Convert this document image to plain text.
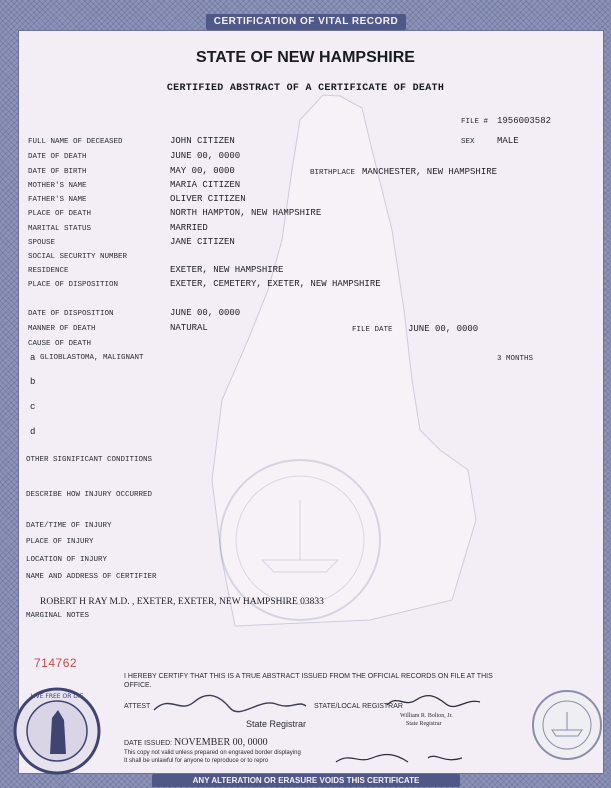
CERTIFICATION OF VITAL RECORD
STATE OF NEW HAMPSHIRE
CERTIFIED ABSTRACT OF A CERTIFICATE OF DEATH
FILE # 1956003582
SEX MALE
FULL NAME OF DECEASED	JOHN CITIZEN
DATE OF DEATH	JUNE 00, 0000
DATE OF BIRTH	MAY 00, 0000	BIRTHPLACE MANCHESTER, NEW HAMPSHIRE
MOTHER'S NAME	MARIA CITIZEN
FATHER'S NAME	OLIVER CITIZEN
PLACE OF DEATH	NORTH HAMPTON, NEW HAMPSHIRE
MARITAL STATUS	MARRIED
SPOUSE	JANE CITIZEN
SOCIAL SECURITY NUMBER
RESIDENCE	EXETER, NEW HAMPSHIRE
PLACE OF DISPOSITION	EXETER, CEMETERY, EXETER, NEW HAMPSHIRE
DATE OF DISPOSITION	JUNE 00, 0000
MANNER OF DEATH	NATURAL	FILE DATE JUNE 00, 0000
CAUSE OF DEATH
a GLIOBLASTOMA, MALIGNANT	3 MONTHS
b
c
d
OTHER SIGNIFICANT CONDITIONS
DESCRIBE HOW INJURY OCCURRED
DATE/TIME OF INJURY
PLACE OF INJURY
LOCATION OF INJURY
NAME AND ADDRESS OF CERTIFIER
ROBERT H RAY M.D. , EXETER, EXETER, NEW HAMPSHIRE 03833
MARGINAL NOTES
714762
I HEREBY CERTIFY THAT THIS IS A TRUE ABSTRACT ISSUED FROM THE OFFICIAL RECORDS ON FILE AT THIS
OFFICE.
ATTEST
State Registrar
STATE/LOCAL REGISTRAR
William R. Bolton, Jr.
State Registrar
DATE ISSUED: NOVEMBER 00, 0000
This copy not valid unless prepared on engraved border displaying
It shall be unlawful for anyone to reproduce or to repro
LIVE FREE OR DIE
ANY ALTERATION OR ERASURE VOIDS THIS CERTIFICATE
